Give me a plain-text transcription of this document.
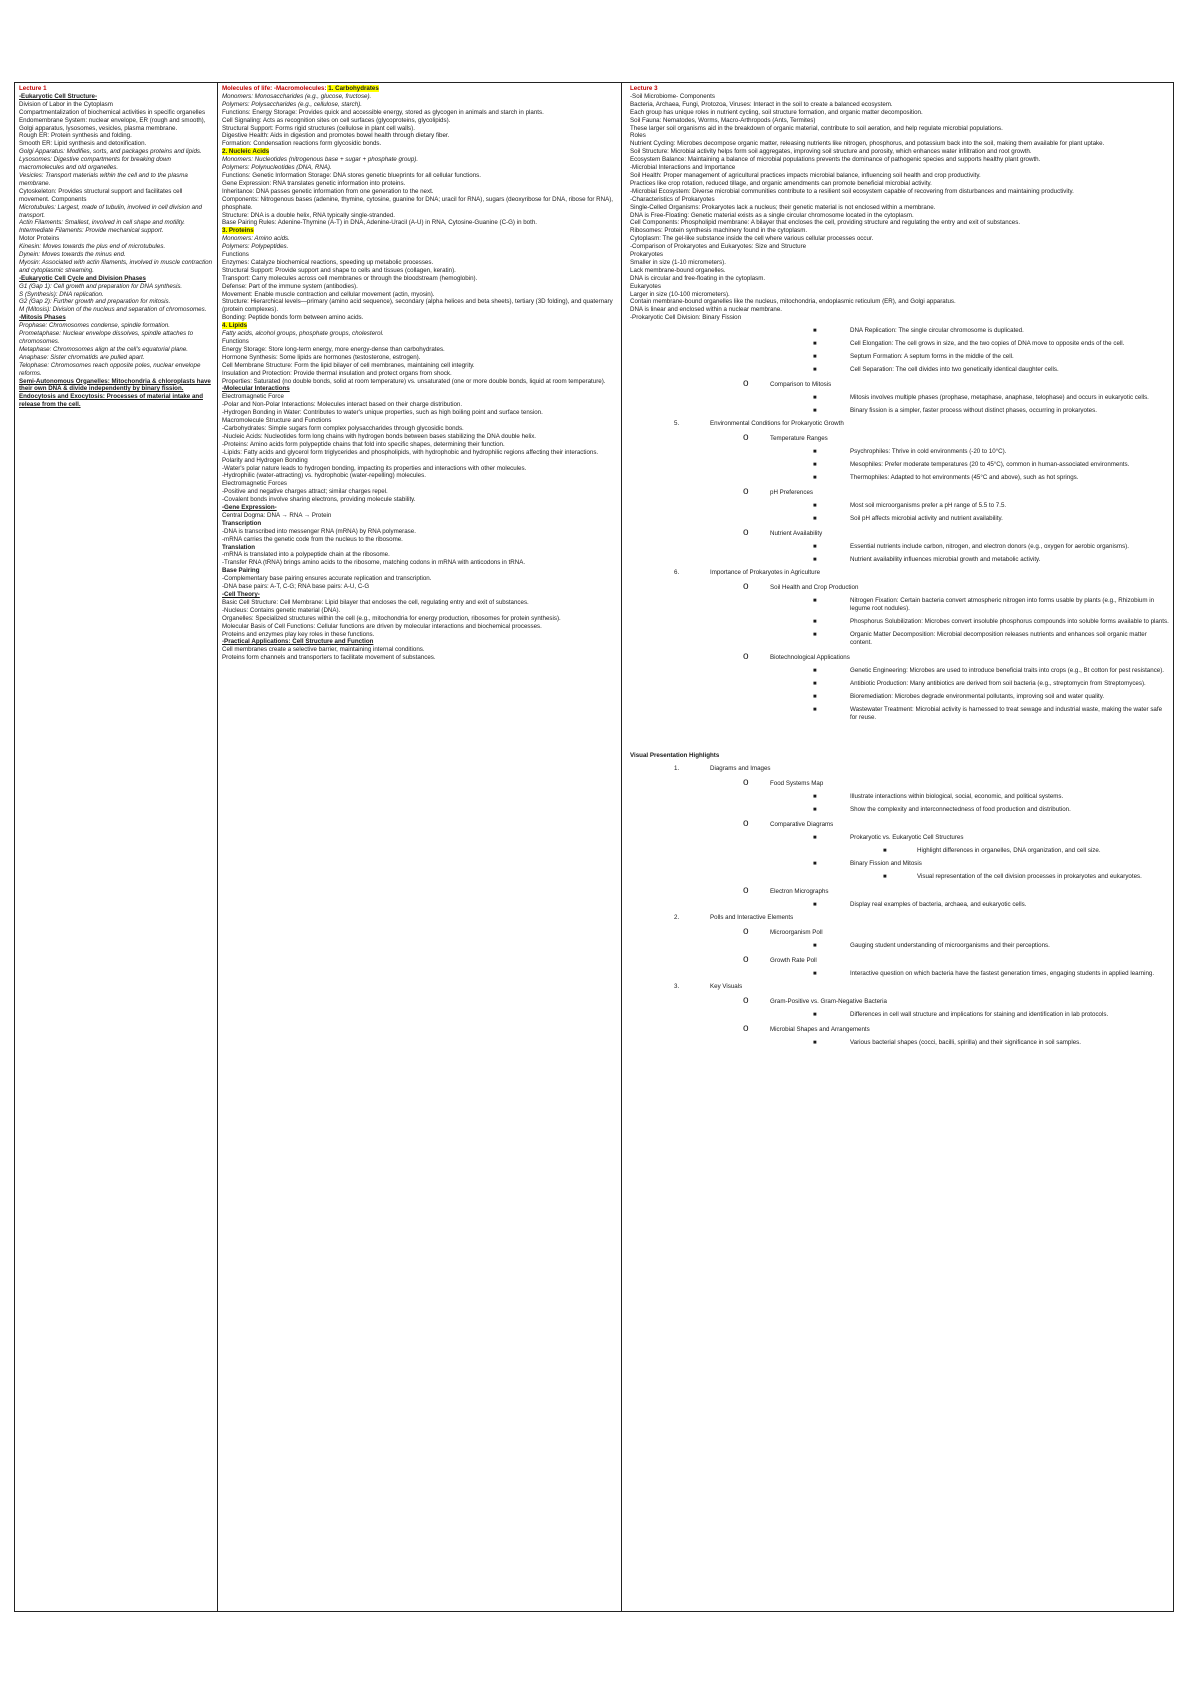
Lecture 1
-Eukaryotic Cell Structure-
Division of Labor in the Cytoplasm
Compartmentalization of biochemical activities in specific organelles
Endomembrane System: nuclear envelope, ER (rough and smooth), Golgi apparatus, lysosomes, vesicles, plasma membrane.
Rough ER: Protein synthesis and folding.
Smooth ER: Lipid synthesis and detoxification.
Golgi Apparatus: Modifies, sorts, and packages proteins and lipids.
Lysosomes: Digestive compartments for breaking down macromolecules and old organelles.
Vesicles: Transport materials within the cell and to the plasma membrane.
Cytoskeleton: Provides structural support and facilitates cell movement. Components
Microtubules: Largest, made of tubulin, involved in cell division and transport.
Actin Filaments: Smallest, involved in cell shape and motility.
Intermediate Filaments: Provide mechanical support.
Motor Proteins
Kinesin: Moves towards the plus end of microtubules.
Dynein: Moves towards the minus end.
Myosin: Associated with actin filaments, involved in muscle contraction and cytoplasmic streaming.
-Eukaryotic Cell Cycle and Division Phases
G1 (Gap 1): Cell growth and preparation for DNA synthesis.
S (Synthesis): DNA replication.
G2 (Gap 2): Further growth and preparation for mitosis.
M (Mitosis): Division of the nucleus and separation of chromosomes.
-Mitosis Phases
Prophase: Chromosomes condense, spindle formation.
Prometaphase: Nuclear envelope dissolves, spindle attaches to chromosomes.
Metaphase: Chromosomes align at the cell's equatorial plane.
Anaphase: Sister chromatids are pulled apart.
Telophase: Chromosomes reach opposite poles, nuclear envelope reforms.
Semi-Autonomous Organelles: Mitochondria & chloroplasts have their own DNA & divide independently by binary fission.
Endocytosis and Exocytosis: Processes of material intake and release from the cell.
Molecules of life: -Macromolecules: 1. Carbohydrates
Monomers: Monosaccharides (e.g., glucose, fructose).
Polymers: Polysaccharides (e.g., cellulose, starch).
Functions: Energy Storage: Provides quick and accessible energy, stored as glycogen in animals and starch in plants.
Cell Signaling: Acts as recognition sites on cell surfaces (glycoproteins, glycolipids).
Structural Support: Forms rigid structures (cellulose in plant cell walls).
Digestive Health: Aids in digestion and promotes bowel health through dietary fiber.
Formation: Condensation reactions form glycosidic bonds.
2. Nucleic Acids
Monomers: Nucleotides (nitrogenous base + sugar + phosphate group).
Polymers: Polynucleotides (DNA, RNA).
Functions: Genetic Information Storage: DNA stores genetic blueprints for all cellular functions.
Gene Expression: RNA translates genetic information into proteins.
Inheritance: DNA passes genetic information from one generation to the next.
Components: Nitrogenous bases (adenine, thymine, cytosine, guanine for DNA; uracil for RNA), sugars (deoxyribose for DNA, ribose for RNA), phosphate.
Structure: DNA is a double helix, RNA typically single-stranded.
Base Pairing Rules: Adenine-Thymine (A-T) in DNA, Adenine-Uracil (A-U) in RNA, Cytosine-Guanine (C-G) in both.
3. Proteins
Monomers: Amino acids.
Polymers: Polypeptides.
Functions
Enzymes: Catalyze biochemical reactions, speeding up metabolic processes.
Structural Support: Provide support and shape to cells and tissues (collagen, keratin).
Transport: Carry molecules across cell membranes or through the bloodstream (hemoglobin).
Defense: Part of the immune system (antibodies).
Movement: Enable muscle contraction and cellular movement (actin, myosin).
Structure: Hierarchical levels—primary (amino acid sequence), secondary (alpha helices and beta sheets), tertiary (3D folding), and quaternary (protein complexes).
Bonding: Peptide bonds form between amino acids.
4. Lipids
Fatty acids, alcohol groups, phosphate groups, cholesterol.
Functions
Energy Storage: Store long-term energy, more energy-dense than carbohydrates.
Hormone Synthesis: Some lipids are hormones (testosterone, estrogen).
Cell Membrane Structure: Form the lipid bilayer of cell membranes, maintaining cell integrity.
Insulation and Protection: Provide thermal insulation and protect organs from shock.
Properties: Saturated (no double bonds, solid at room temperature) vs. unsaturated (one or more double bonds, liquid at room temperature).
-Molecular Interactions
Electromagnetic Force
-Polar and Non-Polar Interactions: Molecules interact based on their charge distribution.
-Hydrogen Bonding in Water: Contributes to water's unique properties, such as high boiling point and surface tension.
Macromolecule Structure and Functions
-Carbohydrates: Simple sugars form complex polysaccharides through glycosidic bonds.
-Nucleic Acids: Nucleotides form long chains with hydrogen bonds between bases stabilizing the DNA double helix.
-Proteins: Amino acids form polypeptide chains that fold into specific shapes, determining their function.
-Lipids: Fatty acids and glycerol form triglycerides and phospholipids, with hydrophobic and hydrophilic regions affecting their interactions.
Polarity and Hydrogen Bonding
-Water's polar nature leads to hydrogen bonding, impacting its properties and interactions with other molecules.
-Hydrophilic (water-attracting) vs. hydrophobic (water-repelling) molecules.
Electromagnetic Forces
-Positive and negative charges attract; similar charges repel.
-Covalent bonds involve sharing electrons, providing molecule stability.
-Gene Expression-
Central Dogma: DNA → RNA → Protein
Transcription
-DNA is transcribed into messenger RNA (mRNA) by RNA polymerase.
-mRNA carries the genetic code from the nucleus to the ribosome.
Translation
-mRNA is translated into a polypeptide chain at the ribosome.
-Transfer RNA (tRNA) brings amino acids to the ribosome, matching codons in mRNA with anticodons in tRNA.
Base Pairing
-Complementary base pairing ensures accurate replication and transcription.
-DNA base pairs: A-T, C-G; RNA base pairs: A-U, C-G
-Cell Theory-
Basic Cell Structure: Cell Membrane: Lipid bilayer that encloses the cell, regulating entry and exit of substances.
-Nucleus: Contains genetic material (DNA).
Organelles: Specialized structures within the cell (e.g., mitochondria for energy production, ribosomes for protein synthesis).
Molecular Basis of Cell Functions: Cellular functions are driven by molecular interactions and biochemical processes.
Proteins and enzymes play key roles in these functions.
-Practical Applications: Cell Structure and Function
Cell membranes create a selective barrier, maintaining internal conditions.
Proteins form channels and transporters to facilitate movement of substances.
Lecture 3
-Soil Microbiome- Components
Bacteria, Archaea, Fungi, Protozoa, Viruses: Interact in the soil to create a balanced ecosystem.
Each group has unique roles in nutrient cycling, soil structure formation, and organic matter decomposition.
Soil Fauna: Nematodes, Worms, Macro-Arthropods (Ants, Termites)
These larger soil organisms aid in the breakdown of organic material, contribute to soil aeration, and help regulate microbial populations.
Roles
Nutrient Cycling: Microbes decompose organic matter, releasing nutrients like nitrogen, phosphorus, and potassium back into the soil, making them available for plant uptake.
Soil Structure: Microbial activity helps form soil aggregates, improving soil structure and porosity, which enhances water infiltration and root growth.
Ecosystem Balance: Maintaining a balance of microbial populations prevents the dominance of pathogenic species and supports healthy plant growth.
-Microbial Interactions and Importance
Soil Health: Proper management of agricultural practices impacts microbial balance, influencing soil health and crop productivity.
Practices like crop rotation, reduced tillage, and organic amendments can promote beneficial microbial activity.
-Microbial Ecosystem: Diverse microbial communities contribute to a resilient soil ecosystem capable of recovering from disturbances and maintaining productivity.
-Characteristics of Prokaryotes
Single-Celled Organisms: Prokaryotes lack a nucleus; their genetic material is not enclosed within a membrane.
DNA is Free-Floating: Genetic material exists as a single circular chromosome located in the cytoplasm.
Cell Components: Phospholipid membrane: A bilayer that encloses the cell, providing structure and regulating the entry and exit of substances.
Ribosomes: Protein synthesis machinery found in the cytoplasm.
Cytoplasm: The gel-like substance inside the cell where various cellular processes occur.
-Comparison of Prokaryotes and Eukaryotes: Size and Structure
Prokaryotes
Smaller in size (1-10 micrometers).
Lack membrane-bound organelles.
DNA is circular and free-floating in the cytoplasm.
Eukaryotes
Larger in size (10-100 micrometers).
Contain membrane-bound organelles like the nucleus, mitochondria, endoplasmic reticulum (ER), and Golgi apparatus.
DNA is linear and enclosed within a nuclear membrane.
-Prokaryotic Cell Division: Binary Fission
■	DNA Replication: The single circular chromosome is duplicated.
■	Cell Elongation: The cell grows in size, and the two copies of DNA move to opposite ends of the cell.
■	Septum Formation: A septum forms in the middle of the cell.
■	Cell Separation: The cell divides into two genetically identical daughter cells.
o	Comparison to Mitosis
■	Mitosis involves multiple phases (prophase, metaphase, anaphase, telophase) and occurs in eukaryotic cells.
■	Binary fission is a simpler, faster process without distinct phases, occurring in prokaryotes.
5.	Environmental Conditions for Prokaryotic Growth
o	Temperature Ranges
■	Psychrophiles: Thrive in cold environments (-20 to 10°C).
■	Mesophiles: Prefer moderate temperatures (20 to 45°C), common in human-associated environments.
■	Thermophiles: Adapted to hot environments (45°C and above), such as hot springs.
o	pH Preferences
■	Most soil microorganisms prefer a pH range of 5.5 to 7.5.
■	Soil pH affects microbial activity and nutrient availability.
o	Nutrient Availability
■	Essential nutrients include carbon, nitrogen, and electron donors (e.g., oxygen for aerobic organisms).
■	Nutrient availability influences microbial growth and metabolic activity.
6.	Importance of Prokaryotes in Agriculture
o	Soil Health and Crop Production
■	Nitrogen Fixation: Certain bacteria convert atmospheric nitrogen into forms usable by plants (e.g., Rhizobium in legume root nodules).
■	Phosphorus Solubilization: Microbes convert insoluble phosphorus compounds into soluble forms available to plants.
■	Organic Matter Decomposition: Microbial decomposition releases nutrients and enhances soil organic matter content.
o	Biotechnological Applications
■	Genetic Engineering: Microbes are used to introduce beneficial traits into crops (e.g., Bt cotton for pest resistance).
■	Antibiotic Production: Many antibiotics are derived from soil bacteria (e.g., streptomycin from Streptomyces).
■	Bioremediation: Microbes degrade environmental pollutants, improving soil and water quality.
■	Wastewater Treatment: Microbial activity is harnessed to treat sewage and industrial waste, making the water safe for reuse.
Visual Presentation Highlights
1.	Diagrams and Images
o	Food Systems Map
■	Illustrate interactions within biological, social, economic, and political systems.
■	Show the complexity and interconnectedness of food production and distribution.
o	Comparative Diagrams
■	Prokaryotic vs. Eukaryotic Cell Structures
■	Highlight differences in organelles, DNA organization, and cell size.
■	Binary Fission and Mitosis
■	Visual representation of the cell division processes in prokaryotes and eukaryotes.
o	Electron Micrographs
■	Display real examples of bacteria, archaea, and eukaryotic cells.
2.	Polls and Interactive Elements
o	Microorganism Poll
■	Gauging student understanding of microorganisms and their perceptions.
o	Growth Rate Poll
■	Interactive question on which bacteria have the fastest generation times, engaging students in applied learning.
3.	Key Visuals
o	Gram-Positive vs. Gram-Negative Bacteria
■	Differences in cell wall structure and implications for staining and identification in lab protocols.
o	Microbial Shapes and Arrangements
■	Various bacterial shapes (cocci, bacilli, spirilla) and their significance in soil samples.
